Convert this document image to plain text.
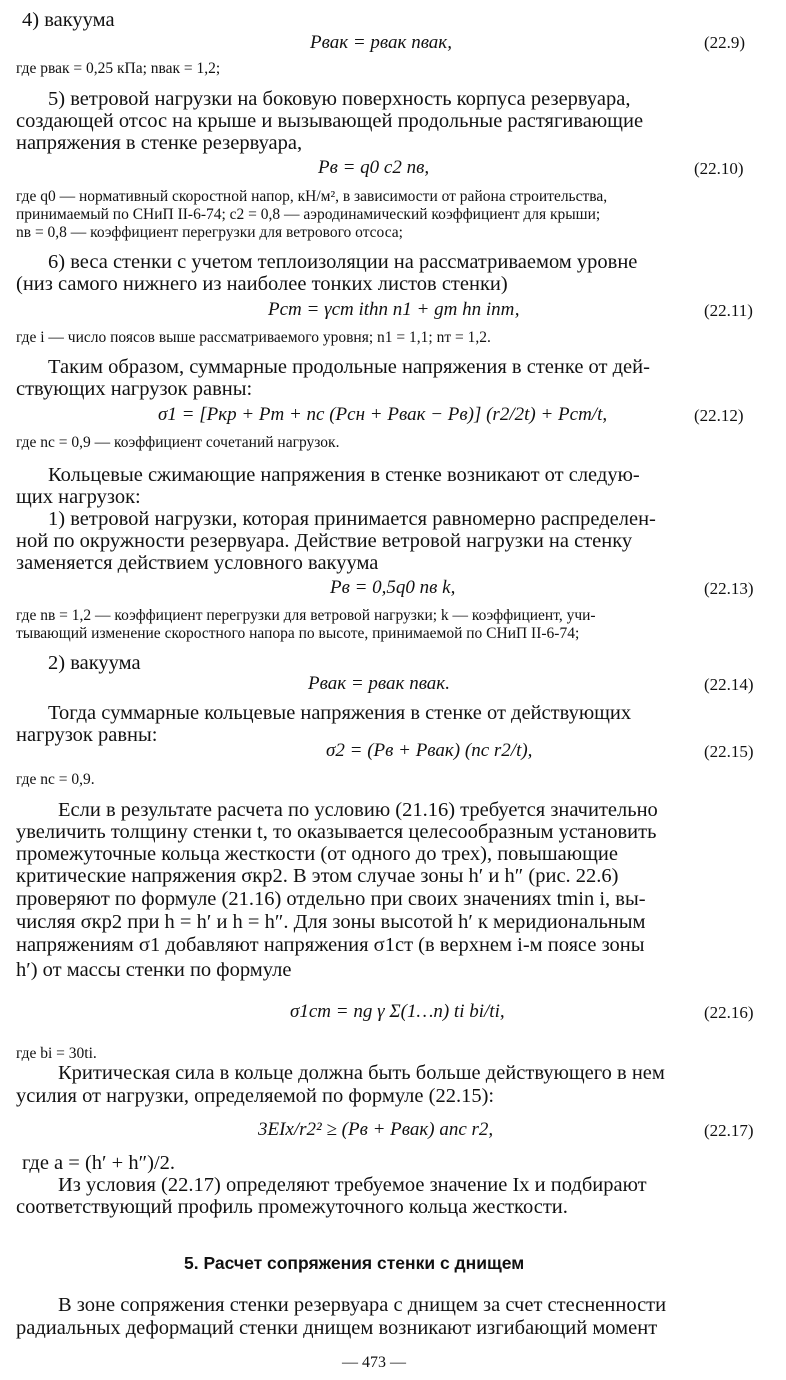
4) вакуума
Pвак = pвак nвак,	(22.9)
где pвак = 0,25 кПа; nвак = 1,2;
5) ветровой нагрузки на боковую поверхность корпуса резервуара,
создающей отсос на крыше и вызывающей продольные растягивающие
напряжения в стенке резервуара,
Pв = q0 c2 nв,	(22.10)
где q0 — нормативный скоростной напор, кН/м², в зависимости от района строительства,
принимаемый по СНиП II-6-74; c2 = 0,8 — аэродинамический коэффициент для крыши;
nв = 0,8 — коэффициент перегрузки для ветрового отсоса;
6) веса стенки с учетом теплоизоляции на рассматриваемом уровне
(низ самого нижнего из наиболее тонких листов стенки)
Pст = γст ithп n1 + gт hп inт,	(22.11)
где i — число поясов выше рассматриваемого уровня; n1 = 1,1; nт = 1,2.
Таким образом, суммарные продольные напряжения в стенке от дей-
ствующих нагрузок равны:
σ1 = [Pкр + Pт + nc (Pсн + Pвак − Pв)] (r2/2t) + Pст/t,	(22.12)
где nc = 0,9 — коэффициент сочетаний нагрузок.
Кольцевые сжимающие напряжения в стенке возникают от следую-
щих нагрузок:
1) ветровой нагрузки, которая принимается равномерно распределен-
ной по окружности резервуара. Действие ветровой нагрузки на стенку
заменяется действием условного вакуума
Pв = 0,5q0 nв k,	(22.13)
где nв = 1,2 — коэффициент перегрузки для ветровой нагрузки; k — коэффициент, учи-
тывающий изменение скоростного напора по высоте, принимаемой по СНиП II-6-74;
2) вакуума
Pвак = pвак nвак.	(22.14)
Тогда суммарные кольцевые напряжения в стенке от действующих
нагрузок равны:
σ2 = (Pв + Pвак) (nc r2/t),	(22.15)
где nc = 0,9.
Если в результате расчета по условию (21.16) требуется значительно
увеличить толщину стенки t, то оказывается целесообразным установить
промежуточные кольца жесткости (от одного до трех), повышающие
критические напряжения σкр2. В этом случае зоны h′ и h″ (рис. 22.6)
проверяют по формуле (21.16) отдельно при своих значениях tmin i, вы-
числяя σкр2 при h = h′ и h = h″. Для зоны высотой h′ к меридиональным
напряжениям σ1 добавляют напряжения σ1ст (в верхнем i-м поясе зоны
h′) от массы стенки по формуле
σ1ст = ng γ Σ(1…n) ti bi/ti,	(22.16)
где bi = 30ti.
Критическая сила в кольце должна быть больше действующего в нем
усилия от нагрузки, определяемой по формуле (22.15):
3EIx/r2² ≥ (Pв + Pвак) anc r2,	(22.17)
где a = (h′ + h″)/2.
Из условия (22.17) определяют требуемое значение Ix и подбирают
соответствующий профиль промежуточного кольца жесткости.
5. Расчет сопряжения стенки с днищем
В зоне сопряжения стенки резервуара с днищем за счет стесненности
радиальных деформаций стенки днищем возникают изгибающий момент
— 473 —
